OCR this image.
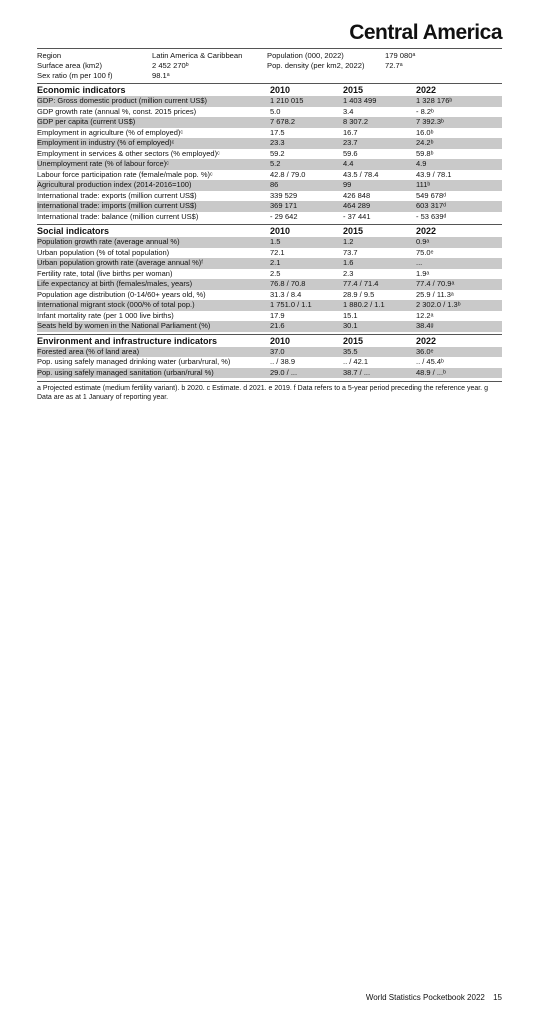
Central America
Region	Latin America & Caribbean	Population (000, 2022)	179 080ᵃ
Surface area (km2)	2 452 270ᵇ	Pop. density (per km2, 2022)	72.7ᵃ
Sex ratio (m per 100 f)	98.1ᵃ
Economic indicators	2010	2015	2022
GDP: Gross domestic product (million current US$)	1 210 015	1 403 499	1 328 176ᵇ
GDP growth rate (annual %, const. 2015 prices)	5.0	3.4	- 8.2ᵇ
GDP per capita (current US$)	7 678.2	8 307.2	7 392.3ᵇ
Employment in agriculture (% of employed)ᶜ	17.5	16.7	16.0ᵇ
Employment in industry (% of employed)ᶜ	23.3	23.7	24.2ᵇ
Employment in services & other sectors (% employed)ᶜ	59.2	59.6	59.8ᵇ
Unemployment rate (% of labour force)ᶜ	5.2	4.4	4.9
Labour force participation rate (female/male pop. %)ᶜ	42.8 / 79.0	43.5 / 78.4	43.9 / 78.1
Agricultural production index (2014-2016=100)	86	99	111ᵇ
International trade: exports (million current US$)	339 529	426 848	549 678ᵈ
International trade: imports (million current US$)	369 171	464 289	603 317ᵈ
International trade: balance (million current US$)	- 29 642	- 37 441	- 53 639ᵈ
Social indicators	2010	2015	2022
Population growth rate (average annual %)	1.5	1.2	0.9ᵃ
Urban population (% of total population)	72.1	73.7	75.0ᵉ
Urban population growth rate (average annual %)ᶠ	2.1	1.6	...
Fertility rate, total (live births per woman)	2.5	2.3	1.9ᵃ
Life expectancy at birth (females/males, years)	76.8 / 70.8	77.4 / 71.4	77.4 / 70.9ᵃ
Population age distribution (0-14/60+ years old, %)	31.3 / 8.4	28.9 / 9.5	25.9 / 11.3ᵃ
International migrant stock (000/% of total pop.)	1 751.0 / 1.1	1 880.2 / 1.1	2 302.0 / 1.3ᵇ
Infant mortality rate (per 1 000 live births)	17.9	15.1	12.2ᵃ
Seats held by women in the National Parliament (%)	21.6	30.1	38.4ᵍ
Environment and infrastructure indicators	2010	2015	2022
Forested area (% of land area)	37.0	35.5	36.0ᵉ
Pop. using safely managed drinking water (urban/rural, %)	.. / 38.9	.. / 42.1	.. / 45.4ᵇ
Pop. using safely managed sanitation (urban/rural %)	29.0 / ...	38.7 / ...	48.9 / ...ᵇ
a Projected estimate (medium fertility variant). b 2020. c Estimate. d 2021. e 2019. f Data refers to a 5-year period preceding the reference year. g Data are as at 1 January of reporting year.
World Statistics Pocketbook 2022 15
